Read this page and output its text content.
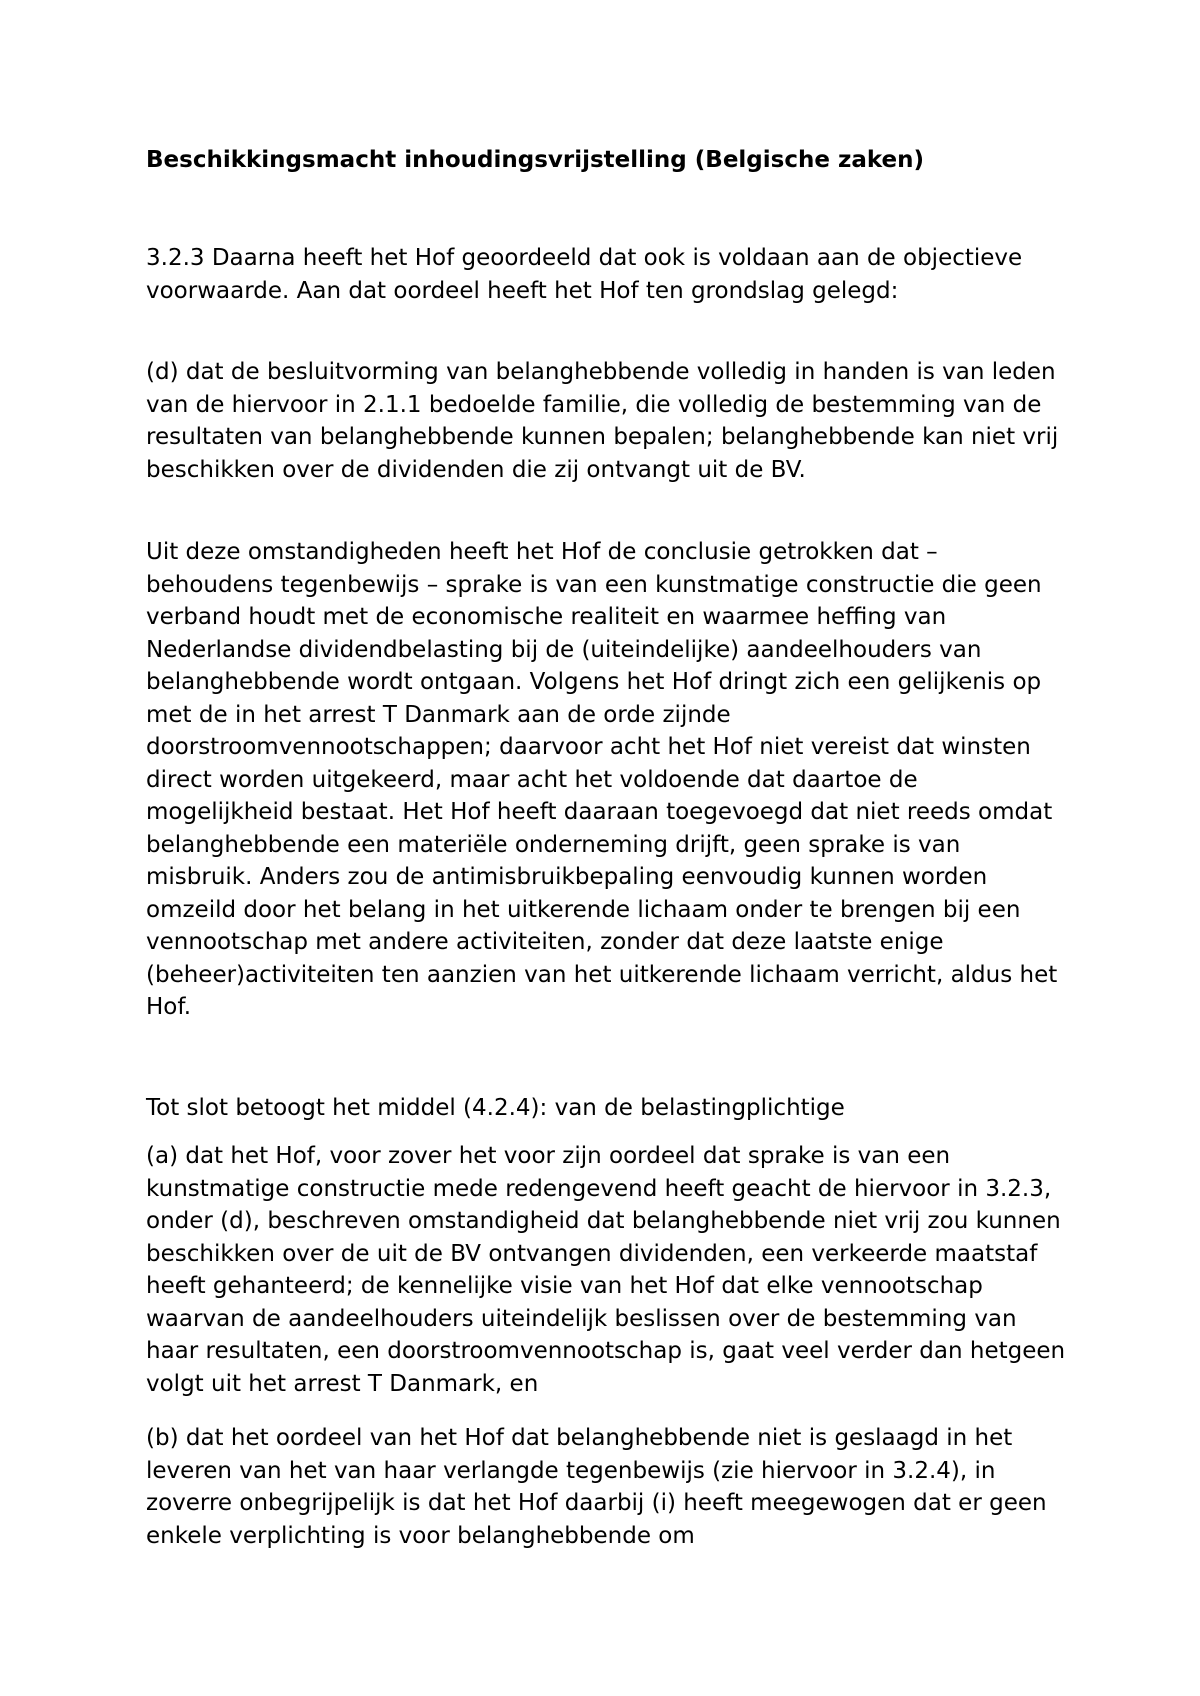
Beschikkingsmacht inhoudingsvrijstelling (Belgische zaken)

3.2.3 Daarna heeft het Hof geoordeeld dat ook is voldaan aan de objectieve voorwaarde. Aan dat oordeel heeft het Hof ten grondslag gelegd:

(d) dat de besluitvorming van belanghebbende volledig in handen is van leden van de hiervoor in 2.1.1 bedoelde familie, die volledig de bestemming van de resultaten van belanghebbende kunnen bepalen; belanghebbende kan niet vrij beschikken over de dividenden die zij ontvangt uit de BV.

Uit deze omstandigheden heeft het Hof de conclusie getrokken dat – behoudens tegenbewijs – sprake is van een kunstmatige constructie die geen verband houdt met de economische realiteit en waarmee heffing van Nederlandse dividendbelasting bij de (uiteindelijke) aandeelhouders van belanghebbende wordt ontgaan. Volgens het Hof dringt zich een gelijkenis op met de in het arrest T Danmark aan de orde zijnde doorstroomvennootschappen; daarvoor acht het Hof niet vereist dat winsten direct worden uitgekeerd, maar acht het voldoende dat daartoe de mogelijkheid bestaat. Het Hof heeft daaraan toegevoegd dat niet reeds omdat belanghebbende een materiële onderneming drijft, geen sprake is van misbruik. Anders zou de antimisbruikbepaling eenvoudig kunnen worden omzeild door het belang in het uitkerende lichaam onder te brengen bij een vennootschap met andere activiteiten, zonder dat deze laatste enige (beheer)activiteiten ten aanzien van het uitkerende lichaam verricht, aldus het Hof.

Tot slot betoogt het middel (4.2.4): van de belastingplichtige

(a) dat het Hof, voor zover het voor zijn oordeel dat sprake is van een kunstmatige constructie mede redengevend heeft geacht de hiervoor in 3.2.3, onder (d), beschreven omstandigheid dat belanghebbende niet vrij zou kunnen beschikken over de uit de BV ontvangen dividenden, een verkeerde maatstaf heeft gehanteerd; de kennelijke visie van het Hof dat elke vennootschap waarvan de aandeelhouders uiteindelijk beslissen over de bestemming van haar resultaten, een doorstroomvennootschap is, gaat veel verder dan hetgeen volgt uit het arrest T Danmark, en

(b) dat het oordeel van het Hof dat belanghebbende niet is geslaagd in het leveren van het van haar verlangde tegenbewijs (zie hiervoor in 3.2.4), in zoverre onbegrijpelijk is dat het Hof daarbij (i) heeft meegewogen dat er geen enkele verplichting is voor belanghebbende om
